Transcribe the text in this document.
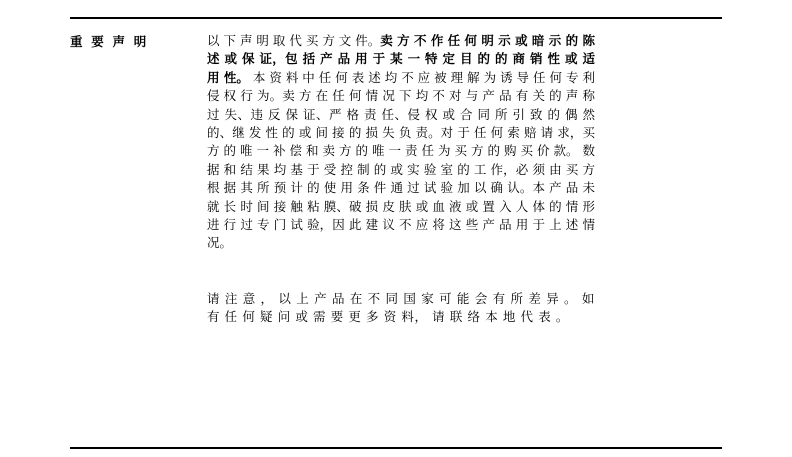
重 要 声 明	以 下 声 明 取 代 买 方 文 件。卖 方 不 作 任 何 明 示 或 暗 示 的 陈 述 或 保 证，包 括 产 品 用 于 某 一 特 定 目 的 的 商 销 性 或 适 用 性。 本 资 料 中 任 何 表 述 均 不 应 被 理 解 为 诱 导 任 何 专 利 侵 权 行 为。卖 方 在 任 何 情 况 下 均 不 对 与 产 品 有 关 的 声 称 过 失、违 反 保 证、严 格 责 任、侵 权 或 合 同 所 引 致 的 偶 然 的、继 发 性 的 或 间 接 的 损 失 负 责。对 于 任 何 索 赔 请 求，买 方 的 唯 一 补 偿 和 卖 方 的 唯 一 责 任 为 买 方 的 购 买 价 款。 数 据 和 结 果 均 基 于 受 控 制 的 或 实 验 室 的 工 作，必 须 由 买 方 根 据 其 所 预 计 的 使 用 条 件 通 过 试 验 加 以 确 认。本 产 品 未 就 长 时 间 接 触 粘 膜、破 损 皮 肤 或 血 液 或 置 入 人 体 的 情 形 进 行 过 专 门 试 验，因 此 建 议 不 应 将 这 些 产 品 用 于 上 述 情 况。

请 注 意 ， 以 上 产 品 在 不 同 国 家 可 能 会 有 所 差 异 。 如 有 任 何 疑 问 或 需 要 更 多 资 料， 请 联 络 本 地 代 表 。
